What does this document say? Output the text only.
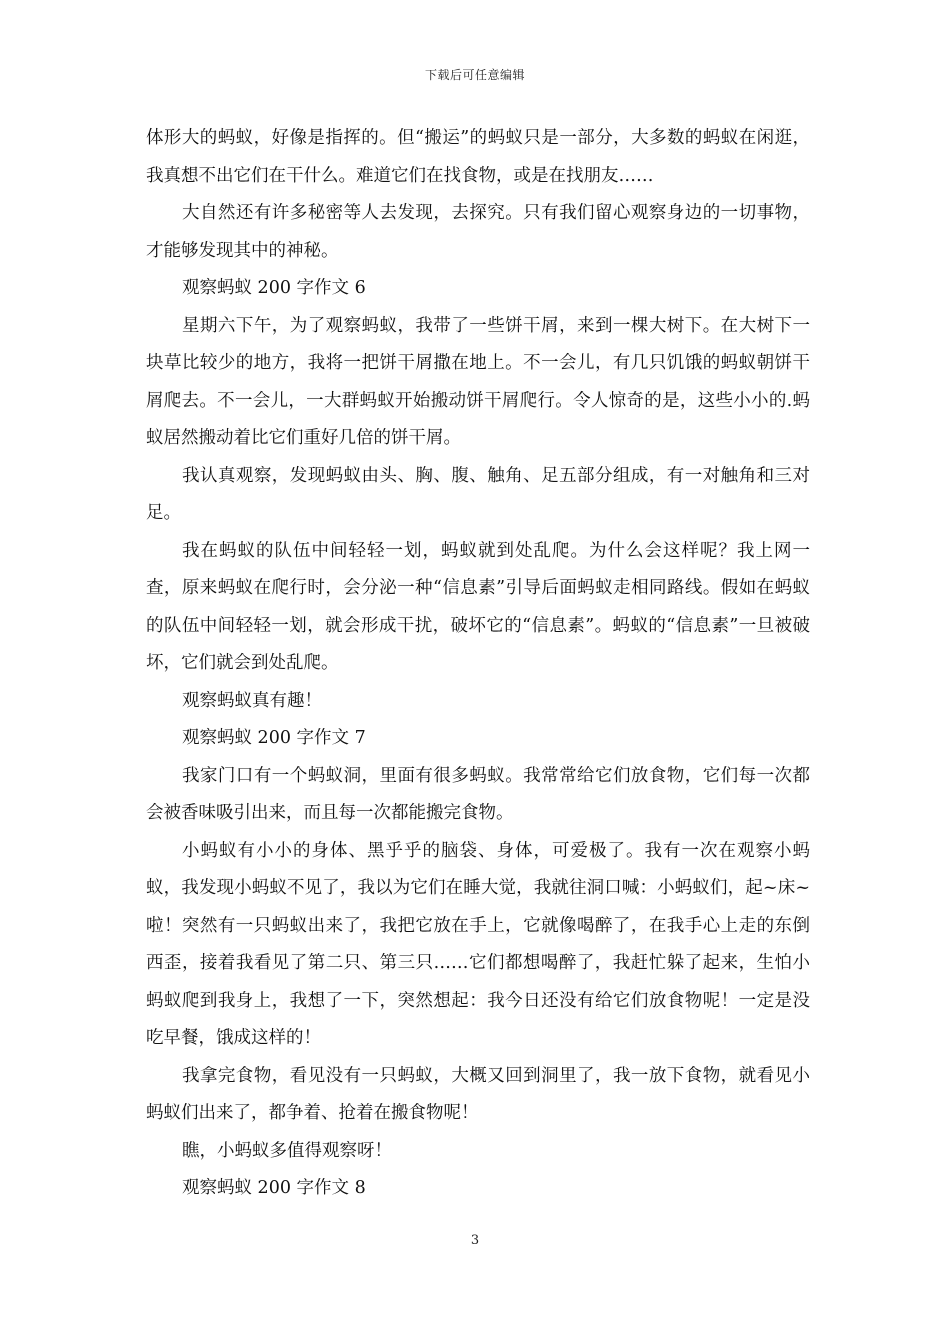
下载后可任意编辑

体形大的蚂蚁，好像是指挥的。但“搬运”的蚂蚁只是一部分，大多数的蚂蚁在闲逛，我真想不出它们在干什么。难道它们在找食物，或是在找朋友……

大自然还有许多秘密等人去发现，去探究。只有我们留心观察身边的一切事物，才能够发现其中的神秘。

观察蚂蚁 200 字作文 6

星期六下午，为了观察蚂蚁，我带了一些饼干屑，来到一棵大树下。在大树下一块草比较少的地方，我将一把饼干屑撒在地上。不一会儿，有几只饥饿的蚂蚁朝饼干屑爬去。不一会儿，一大群蚂蚁开始搬动饼干屑爬行。令人惊奇的是，这些小小的.蚂蚁居然搬动着比它们重好几倍的饼干屑。

我认真观察，发现蚂蚁由头、胸、腹、触角、足五部分组成，有一对触角和三对足。

我在蚂蚁的队伍中间轻轻一划，蚂蚁就到处乱爬。为什么会这样呢？我上网一查，原来蚂蚁在爬行时，会分泌一种“信息素”引导后面蚂蚁走相同路线。假如在蚂蚁的队伍中间轻轻一划，就会形成干扰，破坏它的“信息素”。蚂蚁的“信息素”一旦被破坏，它们就会到处乱爬。

观察蚂蚁真有趣！

观察蚂蚁 200 字作文 7

我家门口有一个蚂蚁洞，里面有很多蚂蚁。我常常给它们放食物，它们每一次都会被香味吸引出来，而且每一次都能搬完食物。

小蚂蚁有小小的身体、黑乎乎的脑袋、身体，可爱极了。我有一次在观察小蚂蚁，我发现小蚂蚁不见了，我以为它们在睡大觉，我就往洞口喊：小蚂蚁们，起~床~啦！突然有一只蚂蚁出来了，我把它放在手上，它就像喝醉了，在我手心上走的东倒西歪，接着我看见了第二只、第三只……它们都想喝醉了，我赶忙躲了起来，生怕小蚂蚁爬到我身上，我想了一下，突然想起：我今日还没有给它们放食物呢！一定是没吃早餐，饿成这样的！

我拿完食物，看见没有一只蚂蚁，大概又回到洞里了，我一放下食物，就看见小蚂蚁们出来了，都争着、抢着在搬食物呢！

瞧，小蚂蚁多值得观察呀！

观察蚂蚁 200 字作文 8

3
